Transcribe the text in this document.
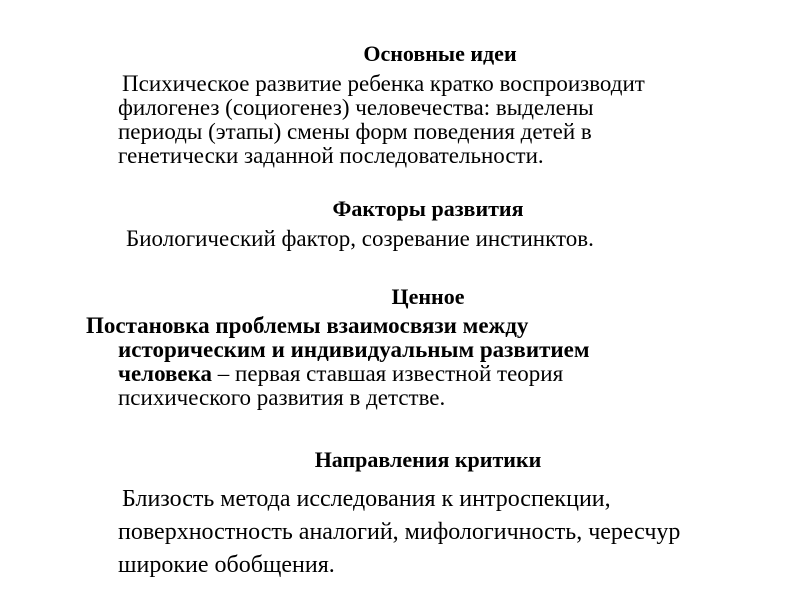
Основные идеи
Психическое развитие ребенка кратко воспроизводит
филогенез (социогенез) человечества: выделены
периоды (этапы) смены форм поведения детей в
генетически заданной последовательности.
Факторы развития
Биологический фактор, созревание инстинктов.
Ценное
Постановка проблемы взаимосвязи между
историческим и индивидуальным развитием
человека – первая ставшая известной теория
психического развития в детстве.
Направления критики
Близость метода исследования к интроспекции,
поверхностность аналогий, мифологичность, чересчур
широкие обобщения.
